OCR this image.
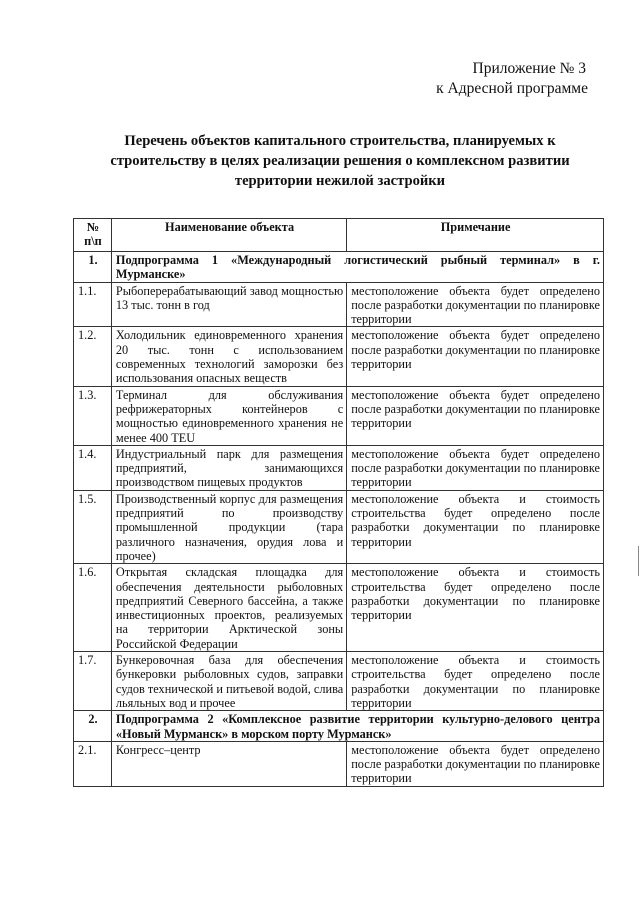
Приложение № 3
к Адресной программе
Перечень объектов капитального строительства, планируемых к строительству в целях реализации решения о комплексном развитии территории нежилой застройки
№ п\п	Наименование объекта	Примечание
1.	Подпрограмма 1 «Международный логистический рыбный терминал» в г. Мурманске»	
1.1.	Рыбоперерабатывающий завод мощностью 13 тыс. тонн в год	местоположение объекта будет определено после разработки документации по планировке территории
1.2.	Холодильник единовременного хранения 20 тыс. тонн с использованием современных технологий заморозки без использования опасных веществ	местоположение объекта будет определено после разработки документации по планировке территории
1.3.	Терминал для обслуживания рефрижераторных контейнеров с мощностью единовременного хранения не менее 400 TEU	местоположение объекта будет определено после разработки документации по планировке территории
1.4.	Индустриальный парк для размещения предприятий, занимающихся производством пищевых продуктов	местоположение объекта будет определено после разработки документации по планировке территории
1.5.	Производственный корпус для размещения предприятий по производству промышленной продукции (тара различного назначения, орудия лова и прочее)	местоположение объекта и стоимость строительства будет определено после разработки документации по планировке территории
1.6.	Открытая складская площадка для обеспечения деятельности рыболовных предприятий Северного бассейна, а также инвестиционных проектов, реализуемых на территории Арктической зоны Российской Федерации	местоположение объекта и стоимость строительства будет определено после разработки документации по планировке территории
1.7.	Бункеровочная база для обеспечения бункеровки рыболовных судов, заправки судов технической и питьевой водой, слива льяльных вод и прочее	местоположение объекта и стоимость строительства будет определено после разработки документации по планировке территории
2.	Подпрограмма 2 «Комплексное развитие территории культурно-делового центра «Новый Мурманск» в морском порту Мурманск»	
2.1.	Конгресс–центр	местоположение объекта будет определено после разработки документации по планировке территории
